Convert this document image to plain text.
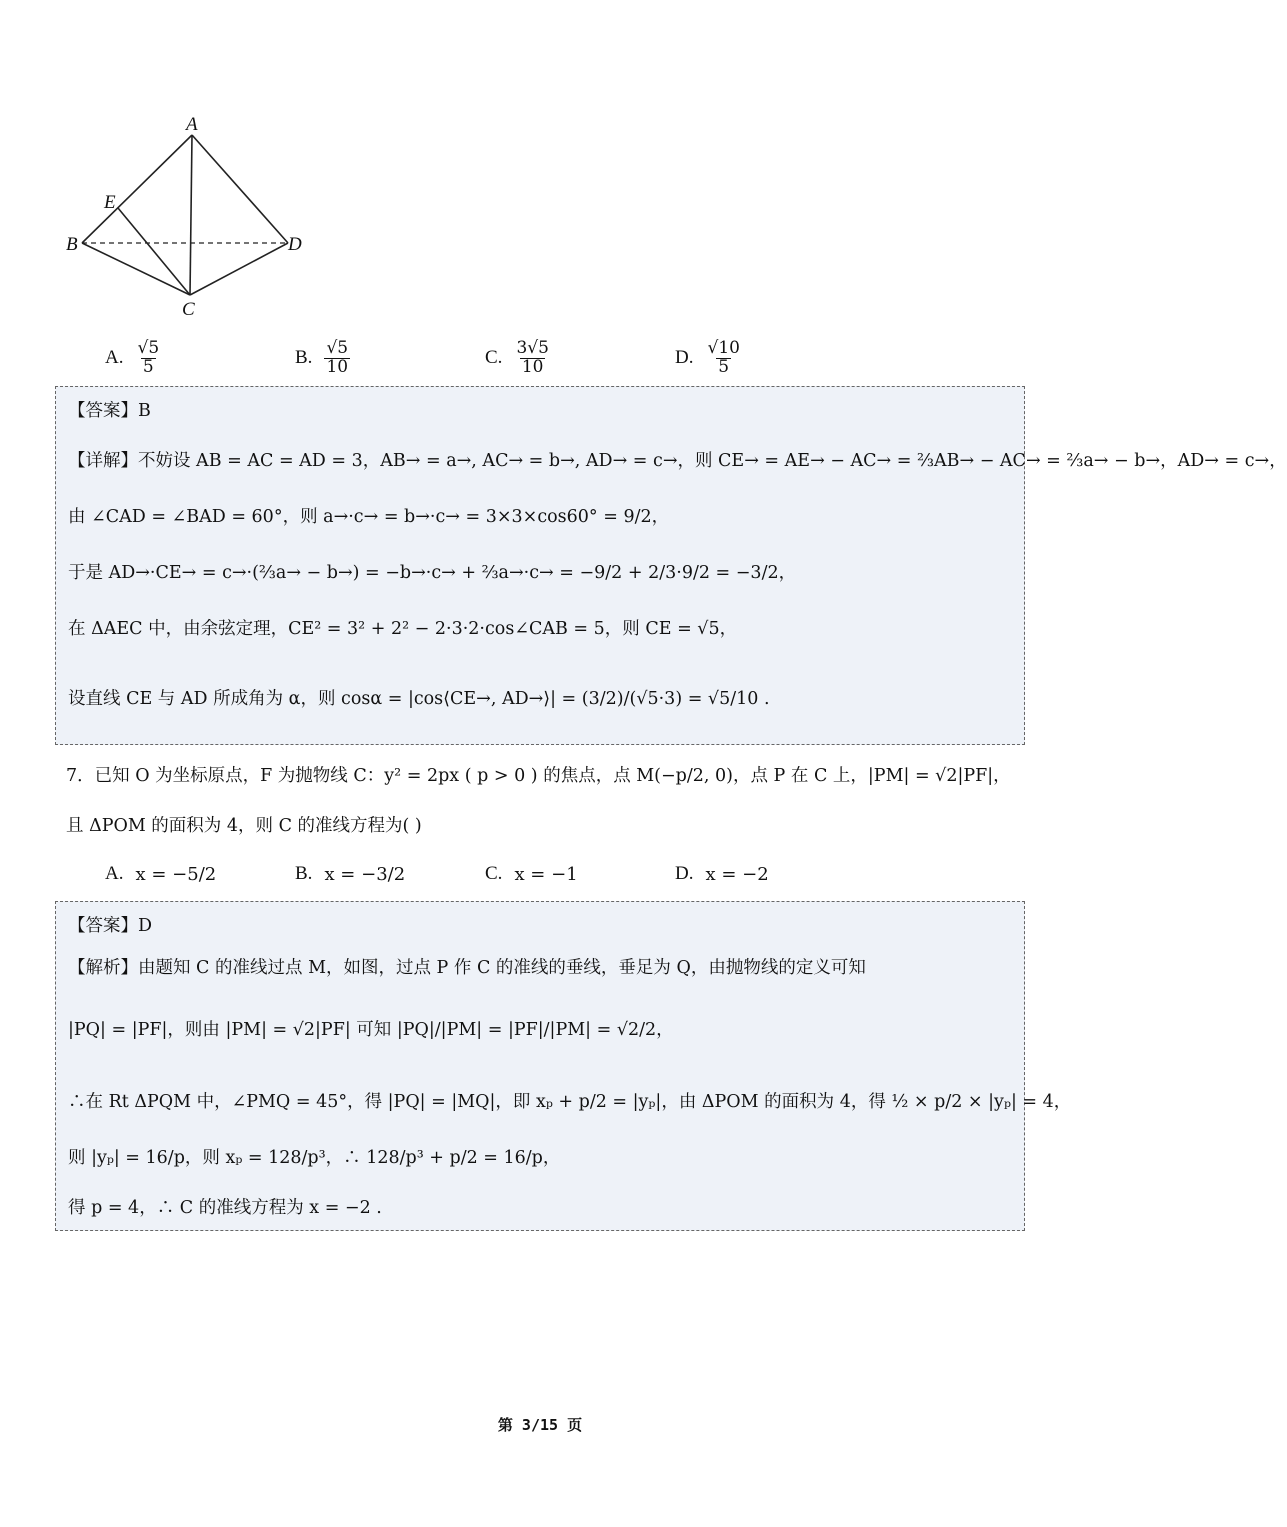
A
E
B	D
C
A. $\frac{√5}{5}$	B. $\frac{√5}{10}$	C. $\frac{3√5}{10}$	D. $\frac{√10}{5}$
【答案】B
【详解】不妨设 AB = AC = AD = 3，AB→ = a→, AC→ = b→, AD→ = c→，则 CE→ = AE→ − AC→ = ⅔AB→ − AC→ = ⅔a→ − b→，AD→ = c→，
由 ∠CAD = ∠BAD = 60°，则 a→·c→ = b→·c→ = 3×3×cos60° = 9/2，
于是 AD→·CE→ = c→·(⅔a→ − b→) = −b→·c→ + ⅔a→·c→ = −9/2 + 2/3·9/2 = −3/2，
在 ΔAEC 中，由余弦定理，CE² = 3² + 2² − 2·3·2·cos∠CAB = 5，则 CE = √5，
设直线 CE 与 AD 所成角为 α，则 cosα = |cos⟨CE→, AD→⟩| = (3/2)/(√5·3) = √5/10 .
7．已知 O 为坐标原点，F 为抛物线 C：y² = 2px ( p > 0 ) 的焦点，点 M(−p/2, 0)，点 P 在 C 上，|PM| = √2|PF|，
且 ΔPOM 的面积为 4，则 C 的准线方程为( )
A. x = −5/2	B. x = −3/2	C. x = −1	D. x = −2
【答案】D
【解析】由题知 C 的准线过点 M，如图，过点 P 作 C 的准线的垂线，垂足为 Q，由抛物线的定义可知
|PQ| = |PF|，则由 |PM| = √2|PF| 可知 |PQ|/|PM| = |PF|/|PM| = √2/2，
∴在 Rt ΔPQM 中，∠PMQ = 45°，得 |PQ| = |MQ|，即 xₚ + p/2 = |yₚ|，由 ΔPOM 的面积为 4，得 ½ × p/2 × |yₚ| = 4，
则 |yₚ| = 16/p，则 xₚ = 128/p³，∴ 128/p³ + p/2 = 16/p，
得 p = 4，∴ C 的准线方程为 x = −2 .
第 3/15 页
